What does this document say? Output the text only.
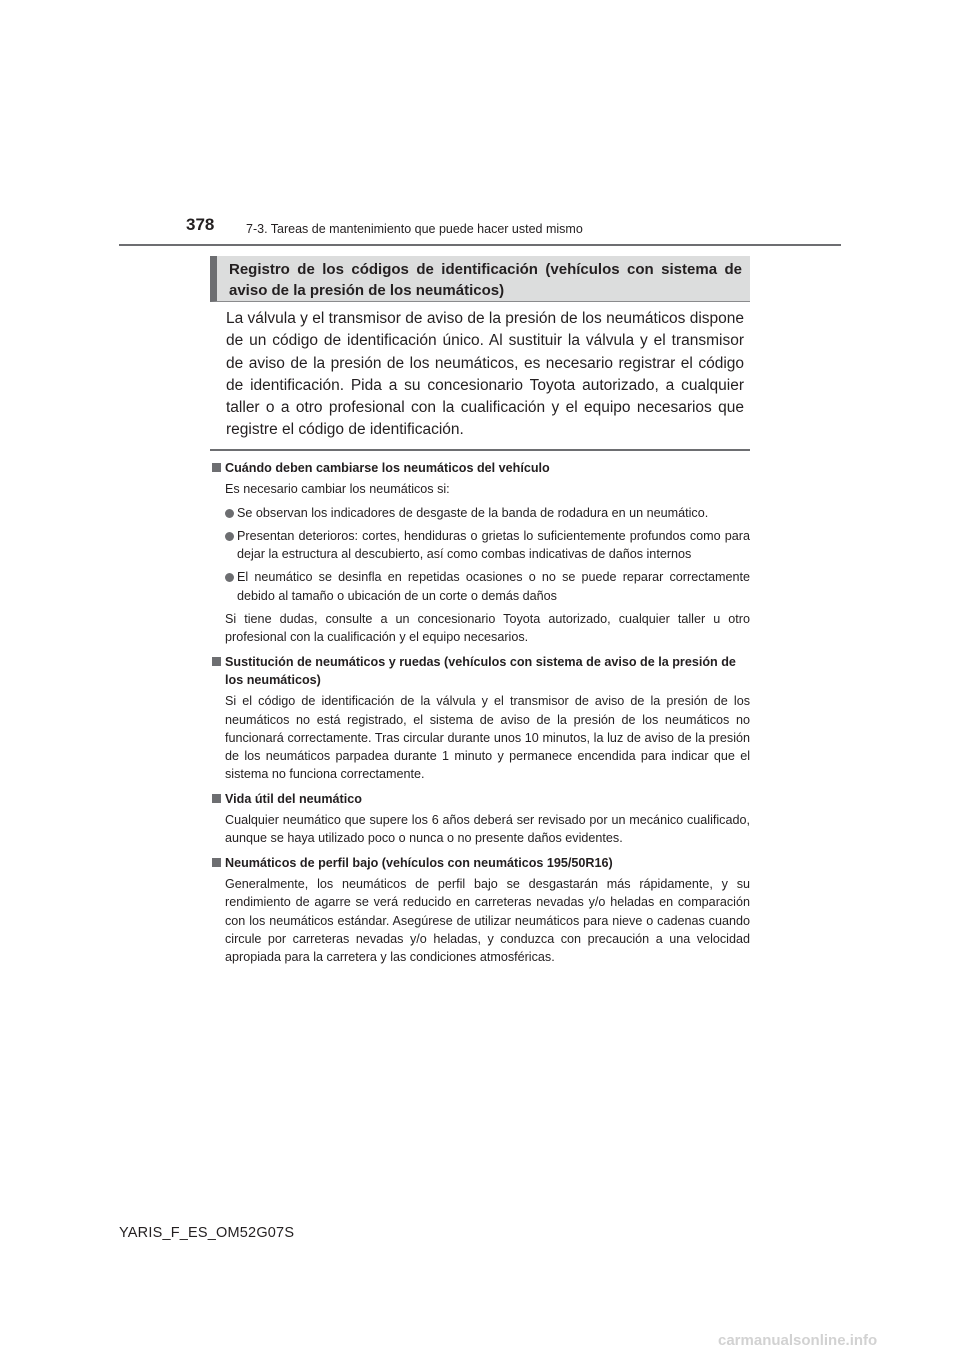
378	7-3. Tareas de mantenimiento que puede hacer usted mismo
Registro de los códigos de identificación (vehículos con sistema de aviso de la presión de los neumáticos)

La válvula y el transmisor de aviso de la presión de los neumáticos dispone de un código de identificación único. Al sustituir la válvula y el transmisor de aviso de la presión de los neumáticos, es necesario registrar el código de identificación. Pida a su concesionario Toyota autorizado, a cualquier taller o a otro profesional con la cualificación y el equipo necesarios que registre el código de identificación.

Cuándo deben cambiarse los neumáticos del vehículo

Es necesario cambiar los neumáticos si:

Se observan los indicadores de desgaste de la banda de rodadura en un neumático.
Presentan deterioros: cortes, hendiduras o grietas lo suficientemente profundos como para dejar la estructura al descubierto, así como combas indicativas de daños internos
El neumático se desinfla en repetidas ocasiones o no se puede reparar correctamente debido al tamaño o ubicación de un corte o demás daños

Si tiene dudas, consulte a un concesionario Toyota autorizado, cualquier taller u otro profesional con la cualificación y el equipo necesarios.

Sustitución de neumáticos y ruedas (vehículos con sistema de aviso de la presión de los neumáticos)

Si el código de identificación de la válvula y el transmisor de aviso de la presión de los neumáticos no está registrado, el sistema de aviso de la presión de los neumáticos no funcionará correctamente. Tras circular durante unos 10 minutos, la luz de aviso de la presión de los neumáticos parpadea durante 1 minuto y permanece encendida para indicar que el sistema no funciona correctamente.

Vida útil del neumático

Cualquier neumático que supere los 6 años deberá ser revisado por un mecánico cualificado, aunque se haya utilizado poco o nunca o no presente daños evidentes.

Neumáticos de perfil bajo (vehículos con neumáticos 195/50R16)

Generalmente, los neumáticos de perfil bajo se desgastarán más rápidamente, y su rendimiento de agarre se verá reducido en carreteras nevadas y/o heladas en comparación con los neumáticos estándar. Asegúrese de utilizar neumáticos para nieve o cadenas cuando circule por carreteras nevadas y/o heladas, y conduzca con precaución a una velocidad apropiada para la carretera y las condiciones atmosféricas.

YARIS_F_ES_OM52G07S
carmanualsonline.info
